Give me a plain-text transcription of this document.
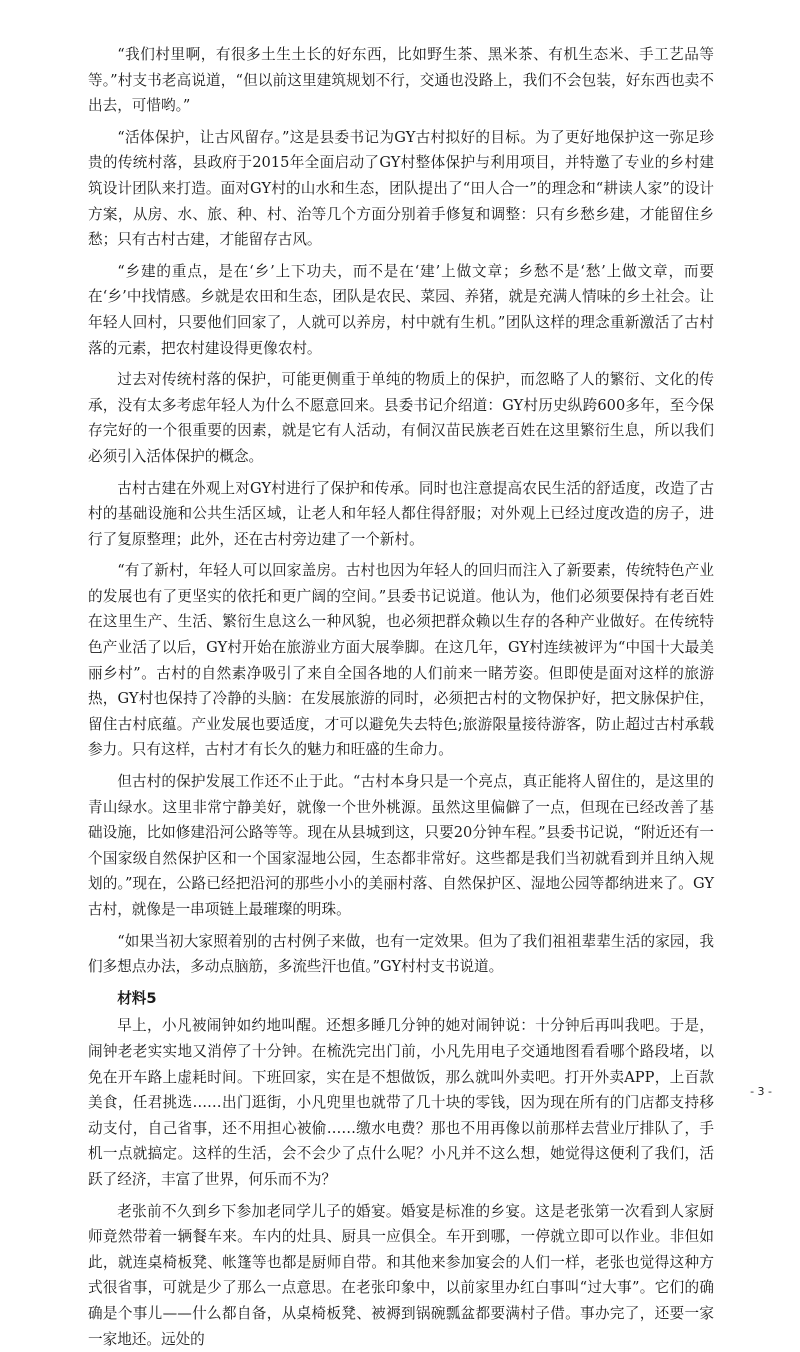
“我们村里啊，有很多土生土长的好东西，比如野生茶、黑米茶、有机生态米、手工艺品等等。”村支书老高说道，“但以前这里建筑规划不行，交通也没路上，我们不会包装，好东西也卖不出去，可惜哟。”

“活体保护，让古风留存。”这是县委书记为GY古村拟好的目标。为了更好地保护这一弥足珍贵的传统村落，县政府于2015年全面启动了GY村整体保护与利用项目，并特邀了专业的乡村建筑设计团队来打造。面对GY村的山水和生态，团队提出了“田人合一”的理念和“耕读人家”的设计方案，从房、水、旅、种、村、治等几个方面分别着手修复和调整：只有乡愁乡建，才能留住乡愁；只有古村古建，才能留存古风。

“乡建的重点，是在‘乡’上下功夫，而不是在‘建’上做文章；乡愁不是‘愁’上做文章，而要在‘乡’中找情感。乡就是农田和生态，团队是农民、菜园、养猪，就是充满人情味的乡土社会。让年轻人回村，只要他们回家了，人就可以养房，村中就有生机。”团队这样的理念重新激活了古村落的元素，把农村建设得更像农村。

过去对传统村落的保护，可能更侧重于单纯的物质上的保护，而忽略了人的繁衍、文化的传承，没有太多考虑年轻人为什么不愿意回来。县委书记介绍道：GY村历史纵跨600多年，至今保存完好的一个很重要的因素，就是它有人活动，有侗汉苗民族老百姓在这里繁衍生息，所以我们必须引入活体保护的概念。

古村古建在外观上对GY村进行了保护和传承。同时也注意提高农民生活的舒适度，改造了古村的基础设施和公共生活区域，让老人和年轻人都住得舒服；对外观上已经过度改造的房子，进行了复原整理；此外，还在古村旁边建了一个新村。

“有了新村，年轻人可以回家盖房。古村也因为年轻人的回归而注入了新要素，传统特色产业的发展也有了更坚实的依托和更广阔的空间。”县委书记说道。他认为，他们必须要保持有老百姓在这里生产、生活、繁衍生息这么一种风貌，也必须把群众赖以生存的各种产业做好。在传统特色产业活了以后，GY村开始在旅游业方面大展拳脚。在这几年，GY村连续被评为“中国十大最美丽乡村”。古村的自然素净吸引了来自全国各地的人们前来一睹芳姿。但即使是面对这样的旅游热，GY村也保持了冷静的头脑：在发展旅游的同时，必须把古村的文物保护好，把文脉保护住，留住古村底蕴。产业发展也要适度，才可以避免失去特色;旅游限量接待游客，防止超过古村承载参力。只有这样，古村才有长久的魅力和旺盛的生命力。

但古村的保护发展工作还不止于此。“古村本身只是一个亮点，真正能将人留住的，是这里的青山绿水。这里非常宁静美好，就像一个世外桃源。虽然这里偏僻了一点，但现在已经改善了基础设施，比如修建沿河公路等等。现在从县城到这，只要20分钟车程。”县委书记说，“附近还有一个国家级自然保护区和一个国家湿地公园，生态都非常好。这些都是我们当初就看到并且纳入规划的。”现在，公路已经把沿河的那些小小的美丽村落、自然保护区、湿地公园等都纳进来了。GY古村，就像是一串项链上最璀璨的明珠。

“如果当初大家照着别的古村例子来做，也有一定效果。但为了我们祖祖辈辈生活的家园，我们多想点办法，多动点脑筋，多流些汗也值。”GY村村支书说道。

材料5

早上，小凡被闹钟如约地叫醒。还想多睡几分钟的她对闹钟说：十分钟后再叫我吧。于是，闹钟老老实实地又消停了十分钟。在梳洗完出门前，小凡先用电子交通地图看看哪个路段堵，以免在开车路上虚耗时间。下班回家，实在是不想做饭，那么就叫外卖吧。打开外卖APP，上百款美食，任君挑选……出门逛街，小凡兜里也就带了几十块的零钱，因为现在所有的门店都支持移动支付，自己省事，还不用担心被偷……缴水电费？那也不用再像以前那样去营业厅排队了，手机一点就搞定。这样的生活，会不会少了点什么呢？小凡并不这么想，她觉得这便利了我们，活跃了经济，丰富了世界，何乐而不为？

老张前不久到乡下参加老同学儿子的婚宴。婚宴是标准的乡宴。这是老张第一次看到人家厨师竟然带着一辆餐车来。车内的灶具、厨具一应俱全。车开到哪，一停就立即可以作业。非但如此，就连桌椅板凳、帐篷等也都是厨师自带。和其他来参加宴会的人们一样，老张也觉得这种方式很省事，可就是少了那么一点意思。在老张印象中，以前家里办红白事叫“过大事”。它们的确确是个事儿——什么都自备，从桌椅板凳、被褥到锅碗瓢盆都要满村子借。事办完了，还要一家一家地还。远处的

- 3 -
